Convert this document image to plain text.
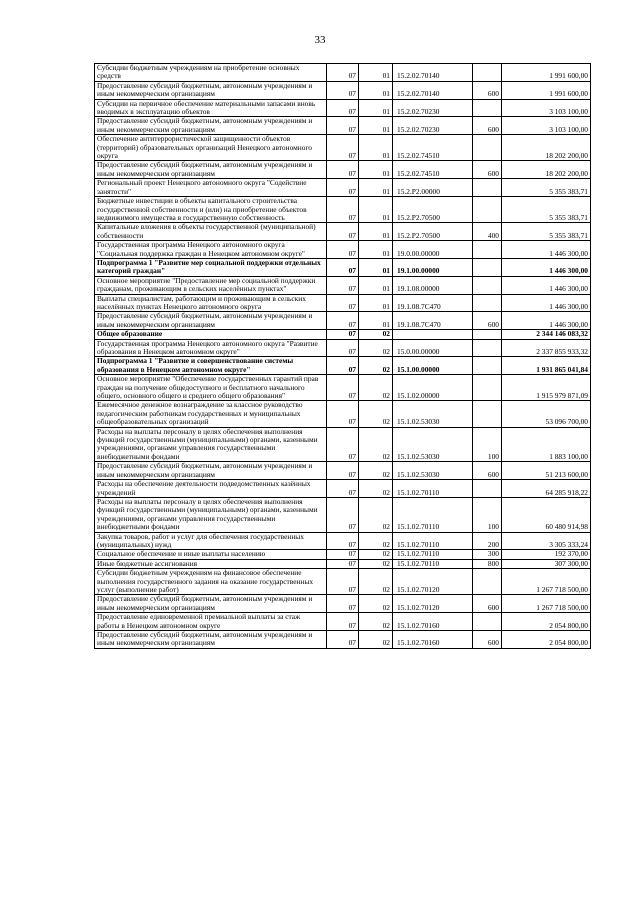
33
Субсидии бюджетным учреждениям на приобретение основных средств	07	01	15.2.02.70140		1 991 600,00
Предоставление субсидий бюджетным, автономным учреждениям и иным некоммерческим организациям	07	01	15.2.02.70140	600	1 991 600,00
Субсидии на первичное обеспечение материальными запасами вновь вводимых в эксплуатацию объектов	07	01	15.2.02.70230		3 103 100,00
Предоставление субсидий бюджетным, автономным учреждениям и иным некоммерческим организациям	07	01	15.2.02.70230	600	3 103 100,00
Обеспечение антитеррористической защищенности объектов (территорий) образовательных организаций Ненецкого автономного округа	07	01	15.2.02.74510		18 202 200,00
Предоставление субсидий бюджетным, автономным учреждениям и иным некоммерческим организациям	07	01	15.2.02.74510	600	18 202 200,00
Региональный проект Ненецкого автономного округа "Содействие занятости"	07	01	15.2.P2.00000		5 355 383,71
Бюджетные инвестиции в объекты капитального строительства государственной собственности и (или) на приобретение объектов недвижимого имущества в государственную собственность	07	01	15.2.P2.70500		5 355 383,71
Капитальные вложения в объекты государственной (муниципальной) собственности	07	01	15.2.P2.70500	400	5 355 383,71
Государственная программа Ненецкого автономного округа "Социальная поддержка граждан в Ненецком автономном округе"	07	01	19.0.00.00000		1 446 300,00
Подпрограмма 1 "Развитие мер социальной поддержки отдельных категорий граждан"	07	01	19.1.00.00000		1 446 300,00
Основное мероприятие "Предоставление мер социальной поддержки гражданам, проживающим в сельских населённых пунктах"	07	01	19.1.08.00000		1 446 300,00
Выплаты специалистам, работающим и проживающим в сельских населённых пунктах Ненецкого автономного округа	07	01	19.1.08.7С470		1 446 300,00
Предоставление субсидий бюджетным, автономным учреждениям и иным некоммерческим организациям	07	01	19.1.08.7С470	600	1 446 300,00
Общее образование	07	02			2 344 146 083,32
Государственная программа Ненецкого автономного округа "Развитие образования в Ненецком автономном округе"	07	02	15.0.00.00000		2 337 855 933,32
Подпрограмма 1 "Развитие и совершенствование системы образования в Ненецком автономном округе"	07	02	15.1.00.00000		1 931 865 041,84
Основное мероприятие "Обеспечение государственных гарантий прав граждан на получение общедоступного и бесплатного начального общего, основного общего и среднего общего образования"	07	02	15.1.02.00000		1 915 979 871,09
Ежемесячное денежное вознаграждение за классное руководство педагогическим работникам государственных и муниципальных общеобразовательных организаций	07	02	15.1.02.53030		53 096 700,00
Расходы на выплаты персоналу в целях обеспечения выполнения функций государственными (муниципальными) органами, казенными учреждениями, органами управления государственными внебюджетными фондами	07	02	15.1.02.53030	100	1 883 100,00
Предоставление субсидий бюджетным, автономным учреждениям и иным некоммерческим организациям	07	02	15.1.02.53030	600	51 213 600,00
Расходы на обеспечение деятельности подведомственных казённых учреждений	07	02	15.1.02.70110		64 285 918,22
Расходы на выплаты персоналу в целях обеспечения выполнения функций государственными (муниципальными) органами, казенными учреждениями, органами управления государственными внебюджетными фондами	07	02	15.1.02.70110	100	60 480 914,98
Закупка товаров, работ и услуг для обеспечения государственных (муниципальных) нужд	07	02	15.1.02.70110	200	3 305 333,24
Социальное обеспечение и иные выплаты населению	07	02	15.1.02.70110	300	192 370,00
Иные бюджетные ассигнования	07	02	15.1.02.70110	800	307 300,00
Субсидии бюджетным учреждениям на финансовое обеспечение выполнения государственного задания на оказание государственных услуг (выполнение работ)	07	02	15.1.02.70120		1 267 718 500,00
Предоставление субсидий бюджетным, автономным учреждениям и иным некоммерческим организациям	07	02	15.1.02.70120	600	1 267 718 500,00
Предоставление единовременной премиальной выплаты за стаж работы в Ненецком автономном округе	07	02	15.1.02.70160		2 054 800,00
Предоставление субсидий бюджетным, автономным учреждениям и иным некоммерческим организациям	07	02	15.1.02.70160	600	2 054 800,00
